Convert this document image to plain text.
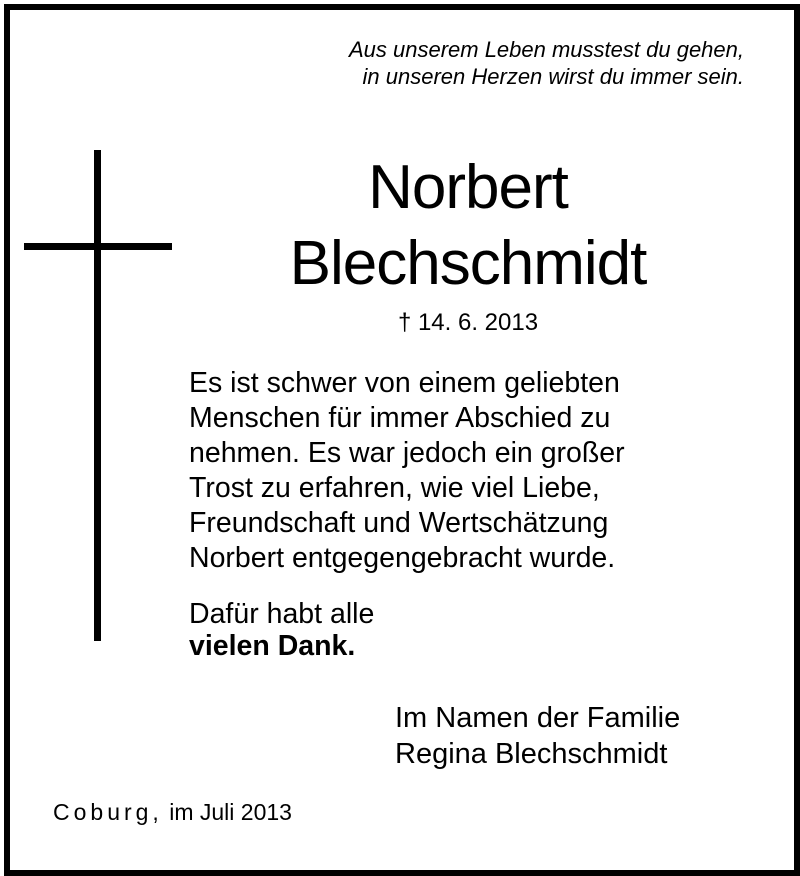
Aus unserem Leben musstest du gehen,
in unseren Herzen wirst du immer sein.
Norbert
Blechschmidt
† 14. 6. 2013
Es ist schwer von einem geliebten
Menschen für immer Abschied zu
nehmen. Es war jedoch ein großer
Trost zu erfahren, wie viel Liebe,
Freundschaft und Wertschätzung
Norbert entgegengebracht wurde.
Dafür habt alle
vielen Dank.
Im Namen der Familie
Regina Blechschmidt
Coburg, im Juli 2013
